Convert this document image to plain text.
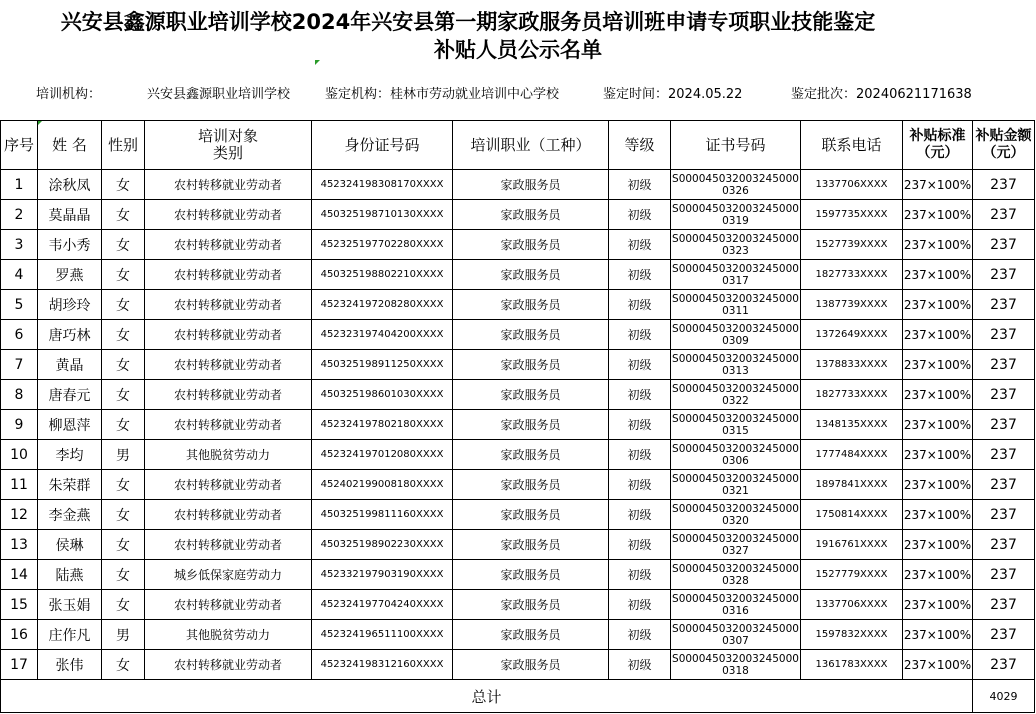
兴安县鑫源职业培训学校2024年兴安县第一期家政服务员培训班申请专项职业技能鉴定
补贴人员公示名单
培训机构：	兴安县鑫源职业培训学校	鉴定机构：桂林市劳动就业培训中心学校	鉴定时间：2024.05.22	鉴定批次：20240621171638
序号	姓 名	性别	培训对象类别	身份证号码	培训职业（工种）	等级	证书号码	联系电话	补贴标准（元）	补贴金额（元）
1	涂秋凤	女	农村转移就业劳动者	452324198308170XXXX	家政服务员	初级	S0000450320032450000326	1337706XXXX	237×100%	237
2	莫晶晶	女	农村转移就业劳动者	450325198710130XXXX	家政服务员	初级	S0000450320032450000319	1597735XXXX	237×100%	237
3	韦小秀	女	农村转移就业劳动者	452325197702280XXXX	家政服务员	初级	S0000450320032450000323	1527739XXXX	237×100%	237
4	罗燕	女	农村转移就业劳动者	450325198802210XXXX	家政服务员	初级	S0000450320032450000317	1827733XXXX	237×100%	237
5	胡珍玲	女	农村转移就业劳动者	452324197208280XXXX	家政服务员	初级	S0000450320032450000311	1387739XXXX	237×100%	237
6	唐巧林	女	农村转移就业劳动者	452323197404200XXXX	家政服务员	初级	S0000450320032450000309	1372649XXXX	237×100%	237
7	黄晶	女	农村转移就业劳动者	450325198911250XXXX	家政服务员	初级	S0000450320032450000313	1378833XXXX	237×100%	237
8	唐春元	女	农村转移就业劳动者	450325198601030XXXX	家政服务员	初级	S0000450320032450000322	1827733XXXX	237×100%	237
9	柳恩萍	女	农村转移就业劳动者	452324197802180XXXX	家政服务员	初级	S0000450320032450000315	1348135XXXX	237×100%	237
10	李均	男	其他脱贫劳动力	452324197012080XXXX	家政服务员	初级	S0000450320032450000306	1777484XXXX	237×100%	237
11	朱荣群	女	农村转移就业劳动者	452402199008180XXXX	家政服务员	初级	S0000450320032450000321	1897841XXXX	237×100%	237
12	李金燕	女	农村转移就业劳动者	450325199811160XXXX	家政服务员	初级	S0000450320032450000320	1750814XXXX	237×100%	237
13	侯琳	女	农村转移就业劳动者	450325198902230XXXX	家政服务员	初级	S0000450320032450000327	1916761XXXX	237×100%	237
14	陆燕	女	城乡低保家庭劳动力	452332197903190XXXX	家政服务员	初级	S0000450320032450000328	1527779XXXX	237×100%	237
15	张玉娟	女	农村转移就业劳动者	452324197704240XXXX	家政服务员	初级	S0000450320032450000316	1337706XXXX	237×100%	237
16	庄作凡	男	其他脱贫劳动力	452324196511100XXXX	家政服务员	初级	S0000450320032450000307	1597832XXXX	237×100%	237
17	张伟	女	农村转移就业劳动者	452324198312160XXXX	家政服务员	初级	S0000450320032450000318	1361783XXXX	237×100%	237
总计										4029
